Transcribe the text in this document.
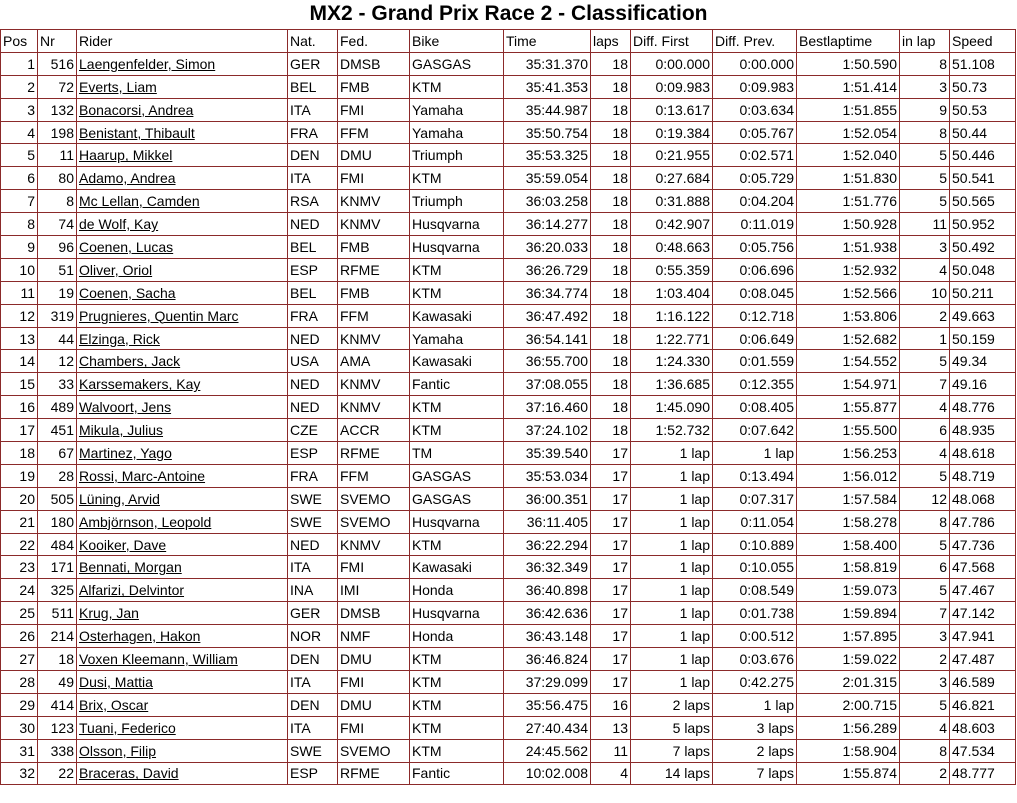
MX2 - Grand Prix Race 2 - Classification
Pos	Nr	Rider	Nat.	Fed.	Bike	Time	laps	Diff. First	Diff. Prev.	Bestlaptime	in lap	Speed
1	516	Laengenfelder, Simon	GER	DMSB	GASGAS	35:31.370	18	0:00.000	0:00.000	1:50.590	8	51.108
2	72	Everts, Liam	BEL	FMB	KTM	35:41.353	18	0:09.983	0:09.983	1:51.414	3	50.73
3	132	Bonacorsi, Andrea	ITA	FMI	Yamaha	35:44.987	18	0:13.617	0:03.634	1:51.855	9	50.53
4	198	Benistant, Thibault	FRA	FFM	Yamaha	35:50.754	18	0:19.384	0:05.767	1:52.054	8	50.44
5	11	Haarup, Mikkel	DEN	DMU	Triumph	35:53.325	18	0:21.955	0:02.571	1:52.040	5	50.446
6	80	Adamo, Andrea	ITA	FMI	KTM	35:59.054	18	0:27.684	0:05.729	1:51.830	5	50.541
7	8	Mc Lellan, Camden	RSA	KNMV	Triumph	36:03.258	18	0:31.888	0:04.204	1:51.776	5	50.565
8	74	de Wolf, Kay	NED	KNMV	Husqvarna	36:14.277	18	0:42.907	0:11.019	1:50.928	11	50.952
9	96	Coenen, Lucas	BEL	FMB	Husqvarna	36:20.033	18	0:48.663	0:05.756	1:51.938	3	50.492
10	51	Oliver, Oriol	ESP	RFME	KTM	36:26.729	18	0:55.359	0:06.696	1:52.932	4	50.048
11	19	Coenen, Sacha	BEL	FMB	KTM	36:34.774	18	1:03.404	0:08.045	1:52.566	10	50.211
12	319	Prugnieres, Quentin Marc	FRA	FFM	Kawasaki	36:47.492	18	1:16.122	0:12.718	1:53.806	2	49.663
13	44	Elzinga, Rick	NED	KNMV	Yamaha	36:54.141	18	1:22.771	0:06.649	1:52.682	1	50.159
14	12	Chambers, Jack	USA	AMA	Kawasaki	36:55.700	18	1:24.330	0:01.559	1:54.552	5	49.34
15	33	Karssemakers, Kay	NED	KNMV	Fantic	37:08.055	18	1:36.685	0:12.355	1:54.971	7	49.16
16	489	Walvoort, Jens	NED	KNMV	KTM	37:16.460	18	1:45.090	0:08.405	1:55.877	4	48.776
17	451	Mikula, Julius	CZE	ACCR	KTM	37:24.102	18	1:52.732	0:07.642	1:55.500	6	48.935
18	67	Martinez, Yago	ESP	RFME	TM	35:39.540	17	1 lap	1 lap	1:56.253	4	48.618
19	28	Rossi, Marc-Antoine	FRA	FFM	GASGAS	35:53.034	17	1 lap	0:13.494	1:56.012	5	48.719
20	505	Lüning, Arvid	SWE	SVEMO	GASGAS	36:00.351	17	1 lap	0:07.317	1:57.584	12	48.068
21	180	Ambjörnson, Leopold	SWE	SVEMO	Husqvarna	36:11.405	17	1 lap	0:11.054	1:58.278	8	47.786
22	484	Kooiker, Dave	NED	KNMV	KTM	36:22.294	17	1 lap	0:10.889	1:58.400	5	47.736
23	171	Bennati, Morgan	ITA	FMI	Kawasaki	36:32.349	17	1 lap	0:10.055	1:58.819	6	47.568
24	325	Alfarizi, Delvintor	INA	IMI	Honda	36:40.898	17	1 lap	0:08.549	1:59.073	5	47.467
25	511	Krug, Jan	GER	DMSB	Husqvarna	36:42.636	17	1 lap	0:01.738	1:59.894	7	47.142
26	214	Osterhagen, Hakon	NOR	NMF	Honda	36:43.148	17	1 lap	0:00.512	1:57.895	3	47.941
27	18	Voxen Kleemann, William	DEN	DMU	KTM	36:46.824	17	1 lap	0:03.676	1:59.022	2	47.487
28	49	Dusi, Mattia	ITA	FMI	KTM	37:29.099	17	1 lap	0:42.275	2:01.315	3	46.589
29	414	Brix, Oscar	DEN	DMU	KTM	35:56.475	16	2 laps	1 lap	2:00.715	5	46.821
30	123	Tuani, Federico	ITA	FMI	KTM	27:40.434	13	5 laps	3 laps	1:56.289	4	48.603
31	338	Olsson, Filip	SWE	SVEMO	KTM	24:45.562	11	7 laps	2 laps	1:58.904	8	47.534
32	22	Braceras, David	ESP	RFME	Fantic	10:02.008	4	14 laps	7 laps	1:55.874	2	48.777
